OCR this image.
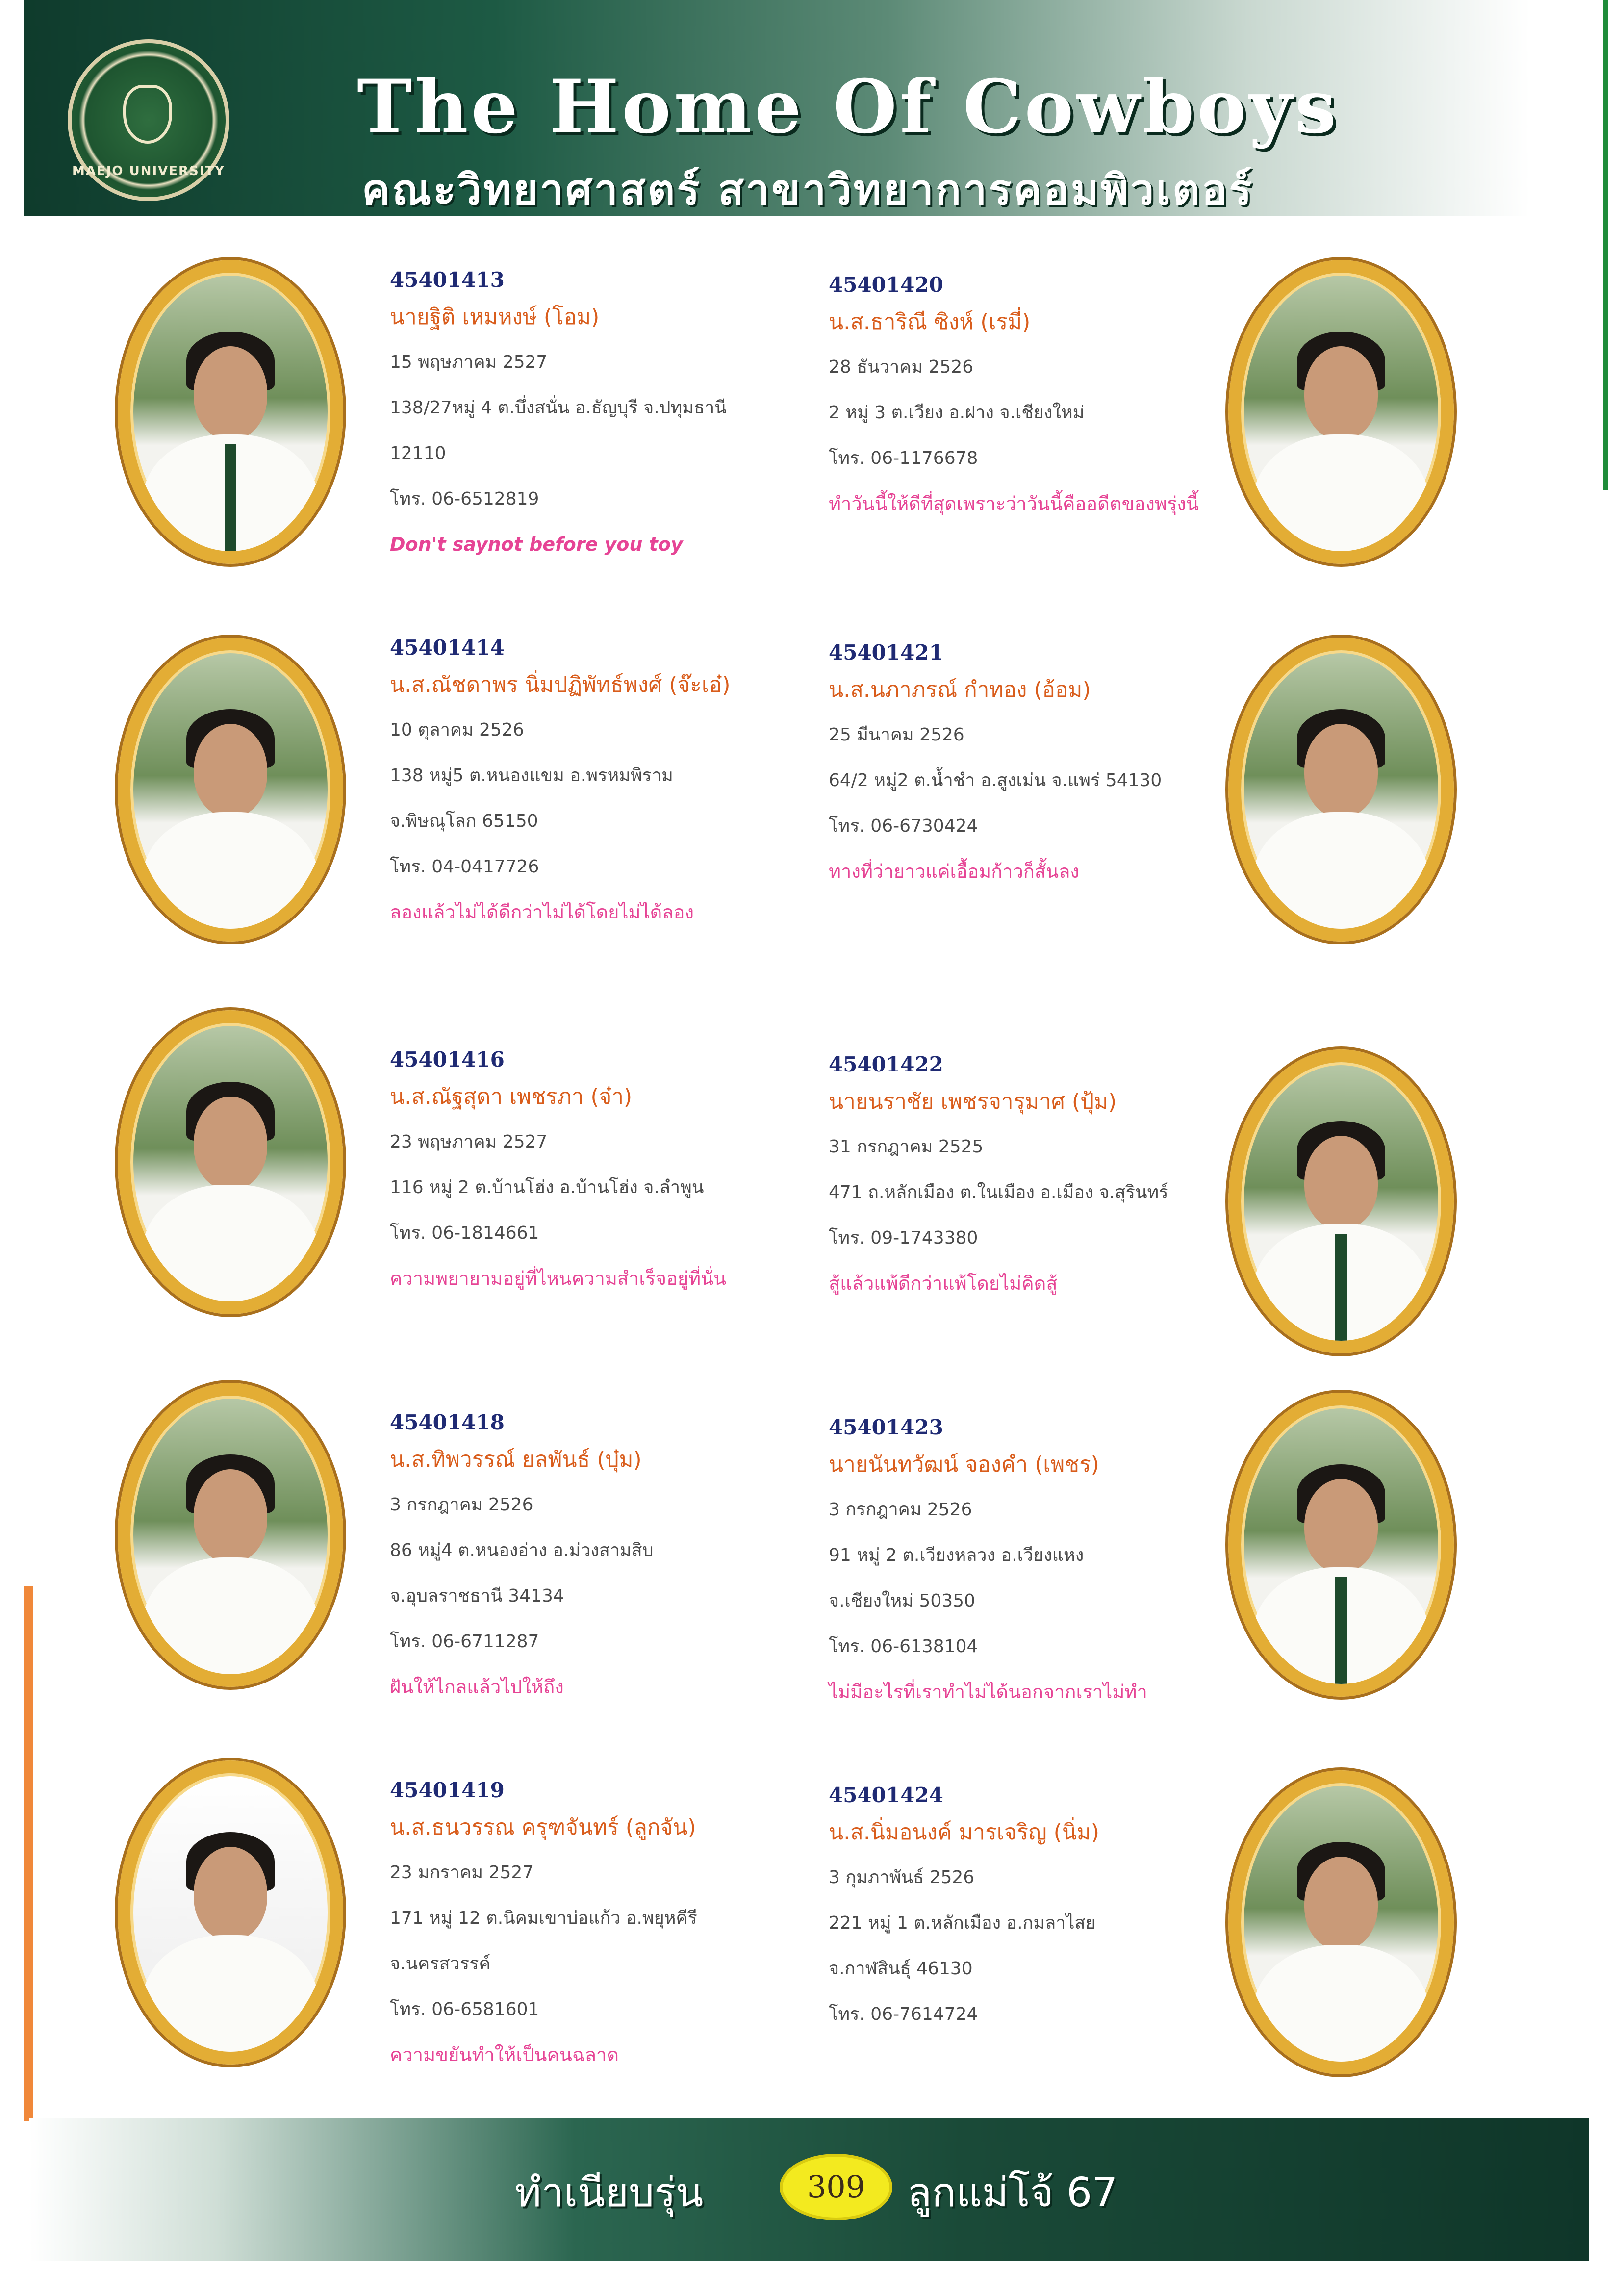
MAEJO UNIVERSITY
The Home Of Cowboys
คณะวิทยาศาสตร์ สาขาวิทยาการคอมพิวเตอร์
45401413
นายฐิติ เหมหงษ์ (โอม)
15 พฤษภาคม 2527
138/27หมู่ 4 ต.บึ่งสนั่น อ.ธัญบุรี จ.ปทุมธานี
12110
โทร. 06-6512819
Don't saynot before you toy
45401420
น.ส.ธาริณี ซิงห์ (เรมี่)
28 ธันวาคม 2526
2 หมู่ 3 ต.เวียง อ.ฝาง จ.เชียงใหม่
โทร. 06-1176678
ทำวันนี้ให้ดีที่สุดเพราะว่าวันนี้คืออดีตของพรุ่งนี้
45401414
น.ส.ณัชดาพร นิ่มปฏิพัทธ์พงศ์ (จ๊ะเอ๋)
10 ตุลาคม 2526
138 หมู่5 ต.หนองแขม อ.พรหมพิราม
จ.พิษณุโลก 65150
โทร. 04-0417726
ลองแล้วไม่ได้ดีกว่าไม่ได้โดยไม่ได้ลอง
45401421
น.ส.นภาภรณ์ กำทอง (อ้อม)
25 มีนาคม 2526
64/2 หมู่2 ต.น้ำชำ อ.สูงเม่น จ.แพร่ 54130
โทร. 06-6730424
ทางที่ว่ายาวแค่เอื้อมก้าวก็สั้นลง
45401416
น.ส.ณัฐสุดา เพชรภา (จ๋า)
23 พฤษภาคม 2527
116 หมู่ 2 ต.บ้านโฮ่ง อ.บ้านโฮ่ง จ.ลำพูน
โทร. 06-1814661
ความพยายามอยู่ที่ไหนความสำเร็จอยู่ที่นั่น
45401422
นายนราชัย เพชรจารุมาศ (ปุ้ม)
31 กรกฎาคม 2525
471 ถ.หลักเมือง ต.ในเมือง อ.เมือง จ.สุรินทร์
โทร. 09-1743380
สู้แล้วแพ้ดีกว่าแพ้โดยไม่คิดสู้
45401418
น.ส.ทิพวรรณ์ ยลพันธ์ (บุ๋ม)
3 กรกฎาคม 2526
86 หมู่4 ต.หนองอ่าง อ.ม่วงสามสิบ
จ.อุบลราชธานี 34134
โทร. 06-6711287
ฝันให้ไกลแล้วไปให้ถึง
45401423
นายนันทวัฒน์ จองคำ (เพชร)
3 กรกฎาคม 2526
91 หมู่ 2 ต.เวียงหลวง อ.เวียงแหง
จ.เชียงใหม่ 50350
โทร. 06-6138104
ไม่มีอะไรที่เราทำไม่ได้นอกจากเราไม่ทำ
45401419
น.ส.ธนวรรณ ครุฑจันทร์ (ลูกจัน)
23 มกราคม 2527
171 หมู่ 12 ต.นิคมเขาบ่อแก้ว อ.พยุหคีรี
จ.นครสวรรค์
โทร. 06-6581601
ความขยันทำให้เป็นคนฉลาด
45401424
น.ส.นิ่มอนงค์ มารเจริญ (นิ่ม)
3 กุมภาพันธ์ 2526
221 หมู่ 1 ต.หลักเมือง อ.กมลาไสย
จ.กาฬสินธุ์ 46130
โทร. 06-7614724
ทำเนียบรุ่น	309	ลูกแม่โจ้ 67
